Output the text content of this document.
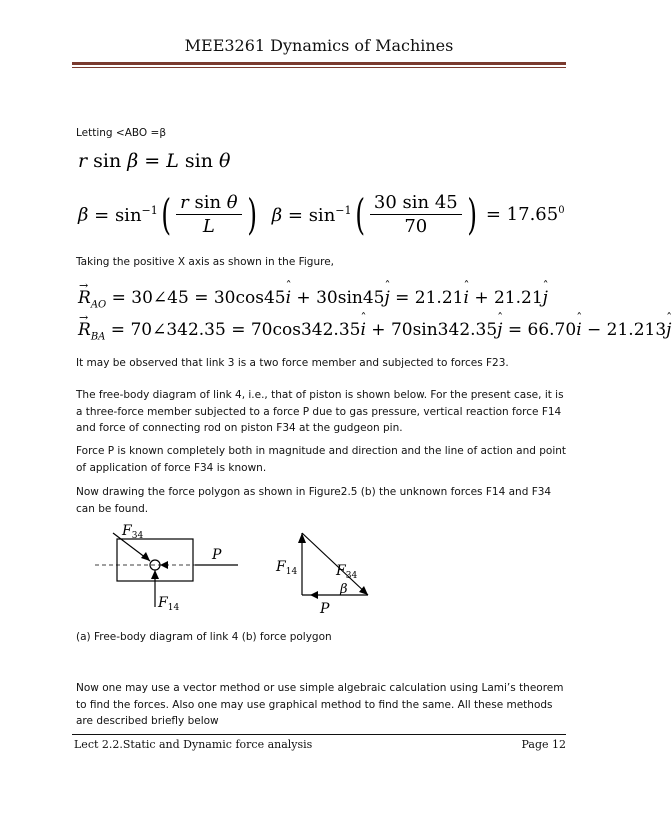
MEE3261 Dynamics of Machines
Letting <ABO =β
r sin β = L sin θ
$\beta = \sin^{-1}( \frac{\text{r sin θ}}{L}$ ) $\beta = \sin^{-1}( \frac{30 \sin 45}{70}$ ) = $17.65^0$
Taking the positive X axis as shown in the Figure,
→ $R_{AO}$ = 30∠45 = 30cos45ˆ i + 30sin45ˆ j = 21.21ˆ i + 21.21ˆ j
→ $R_{BA}$ = 70∠342.35 = 70cos342.35ˆ i + 70sin342.35ˆ j = 66.70ˆ i − 21.213ˆ j
It may be observed that link 3 is a two force member and subjected to forces F23.
The free-body diagram of link 4, i.e., that of piston is shown below. For the present case, it is a three-force member subjected to a force P due to gas pressure, vertical reaction force F14 and force of connecting rod on piston F34 at the gudgeon pin.
Force P is known completely both in magnitude and direction and the line of action and point of application of force F34 is known.
Now drawing the force polygon as shown in Figure2.5 (b) the unknown forces F14 and F34 can be found.
$F_{34}$
P
$F_{14}$
$F_{14}$	$F_{34}$
β
P
(a) Free-body diagram of link 4 (b) force polygon
Now one may use a vector method or use simple algebraic calculation using Lami’s theorem to find the forces. Also one may use graphical method to find the same. All these methods are described briefly below
Lect 2.2.Static and Dynamic force analysis	Page 12
